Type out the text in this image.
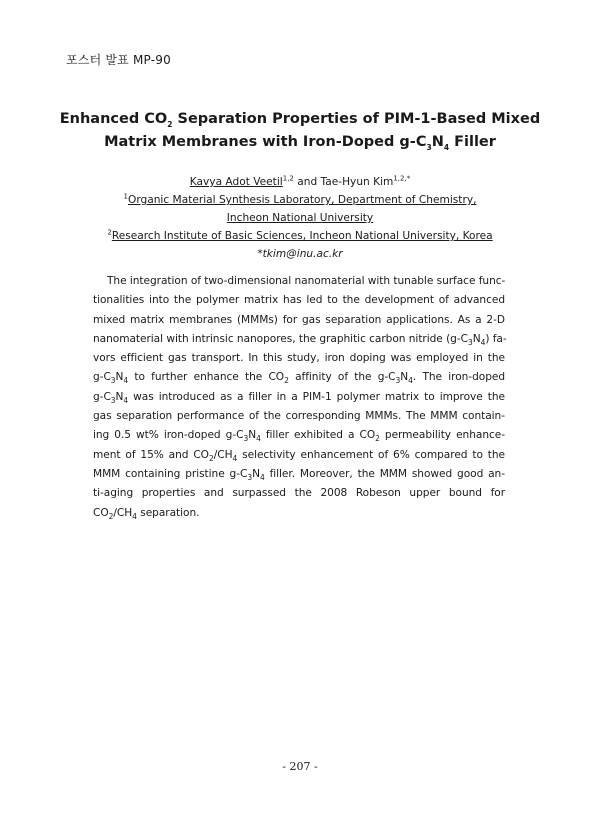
포스터 발표 MP-90
Enhanced $CO_2$ Separation Properties of PIM-1-Based Mixed
Matrix Membranes with Iron-Doped $g-C_3N_4$ Filler
Kavya Adot Veetil$^{1,2}$ and Tae-Hyun Kim$^{1,2,*}$
$^1$Organic Material Synthesis Laboratory, Department of Chemistry,
Incheon National University
$^2$Research Institute of Basic Sciences, Incheon National University, Korea
*tkim@inu.ac.kr
The integration of two-dimensional nanomaterial with tunable surface func-
tionalities into the polymer matrix has led to the development of advanced
mixed matrix membranes (MMMs) for gas separation applications. As a 2-D
nanomaterial with intrinsic nanopores, the graphitic carbon nitride $(g-C_3N_4)$ fa-
vors efficient gas transport. In this study, iron doping was employed in the
$g-C_3N_4$ to further enhance the $CO_2$ affinity of the $g-C_3N_4$. The iron-doped
$g-C_3N_4$ was introduced as a filler in a PIM-1 polymer matrix to improve the
gas separation performance of the corresponding MMMs. The MMM contain-
ing 0.5 wt% iron-doped $g-C_3N_4$ filler exhibited a $CO_2$ permeability enhance-
ment of 15% and $CO_2/CH_4$ selectivity enhancement of 6% compared to the
MMM containing pristine $g-C_3N_4$ filler. Moreover, the MMM showed good an-
ti-aging properties and surpassed the 2008 Robeson upper bound for
$CO_2/CH_4$ separation.
- 207 -
